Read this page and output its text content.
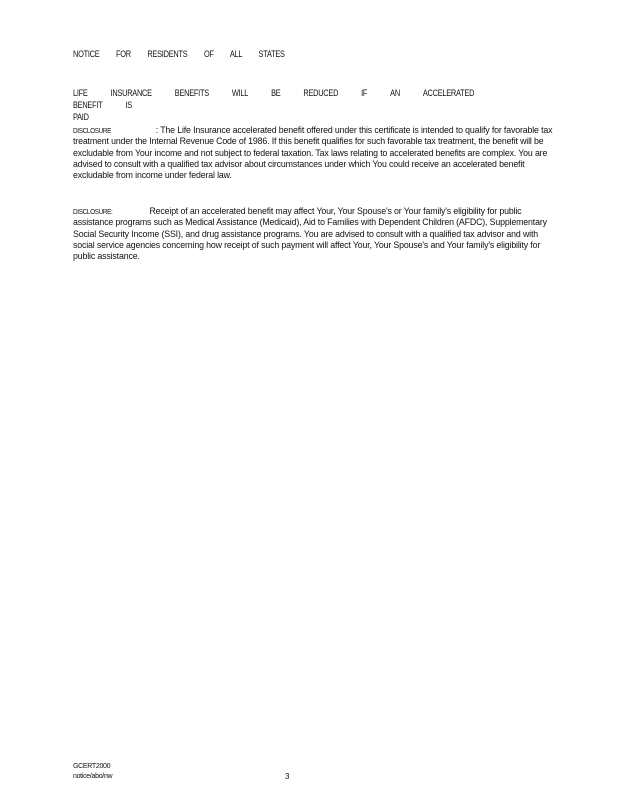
NOTICE FOR RESIDENTS OF ALL STATES
LIFE	INSURANCE	BENEFITS	WILL	BE	REDUCED	IF	AN	ACCELERATEDBENEFIT	IS
PAID
DISCLOSURE	: The Life Insurance accelerated benefit offered under this certificate is intended to qualify for favorable tax treatment under the Internal Revenue Code of 1986. If this benefit qualifies for such favorable tax treatment, the benefit will be excludable from Your income and not subject to federal taxation. Tax laws relating to accelerated benefits are complex. You are advised to consult with a qualified tax advisor about circumstances under which You could receive an accelerated benefit excludable from income under federal law.
DISCLOSURE:	Receipt of an accelerated benefit may affect Your, Your Spouse's or Your family's eligibility for public assistance programs such as Medical Assistance (Medicaid), Aid to Families with Dependent Children (AFDC), Supplementary Social Security Income (SSI), and drug assistance programs. You are advised to consult with a qualified tax advisor and with social service agencies concerning how receipt of such payment will affect Your, Your Spouse's and Your family's eligibility for public assistance.
GCERT2000
notice/abo/nw	3
